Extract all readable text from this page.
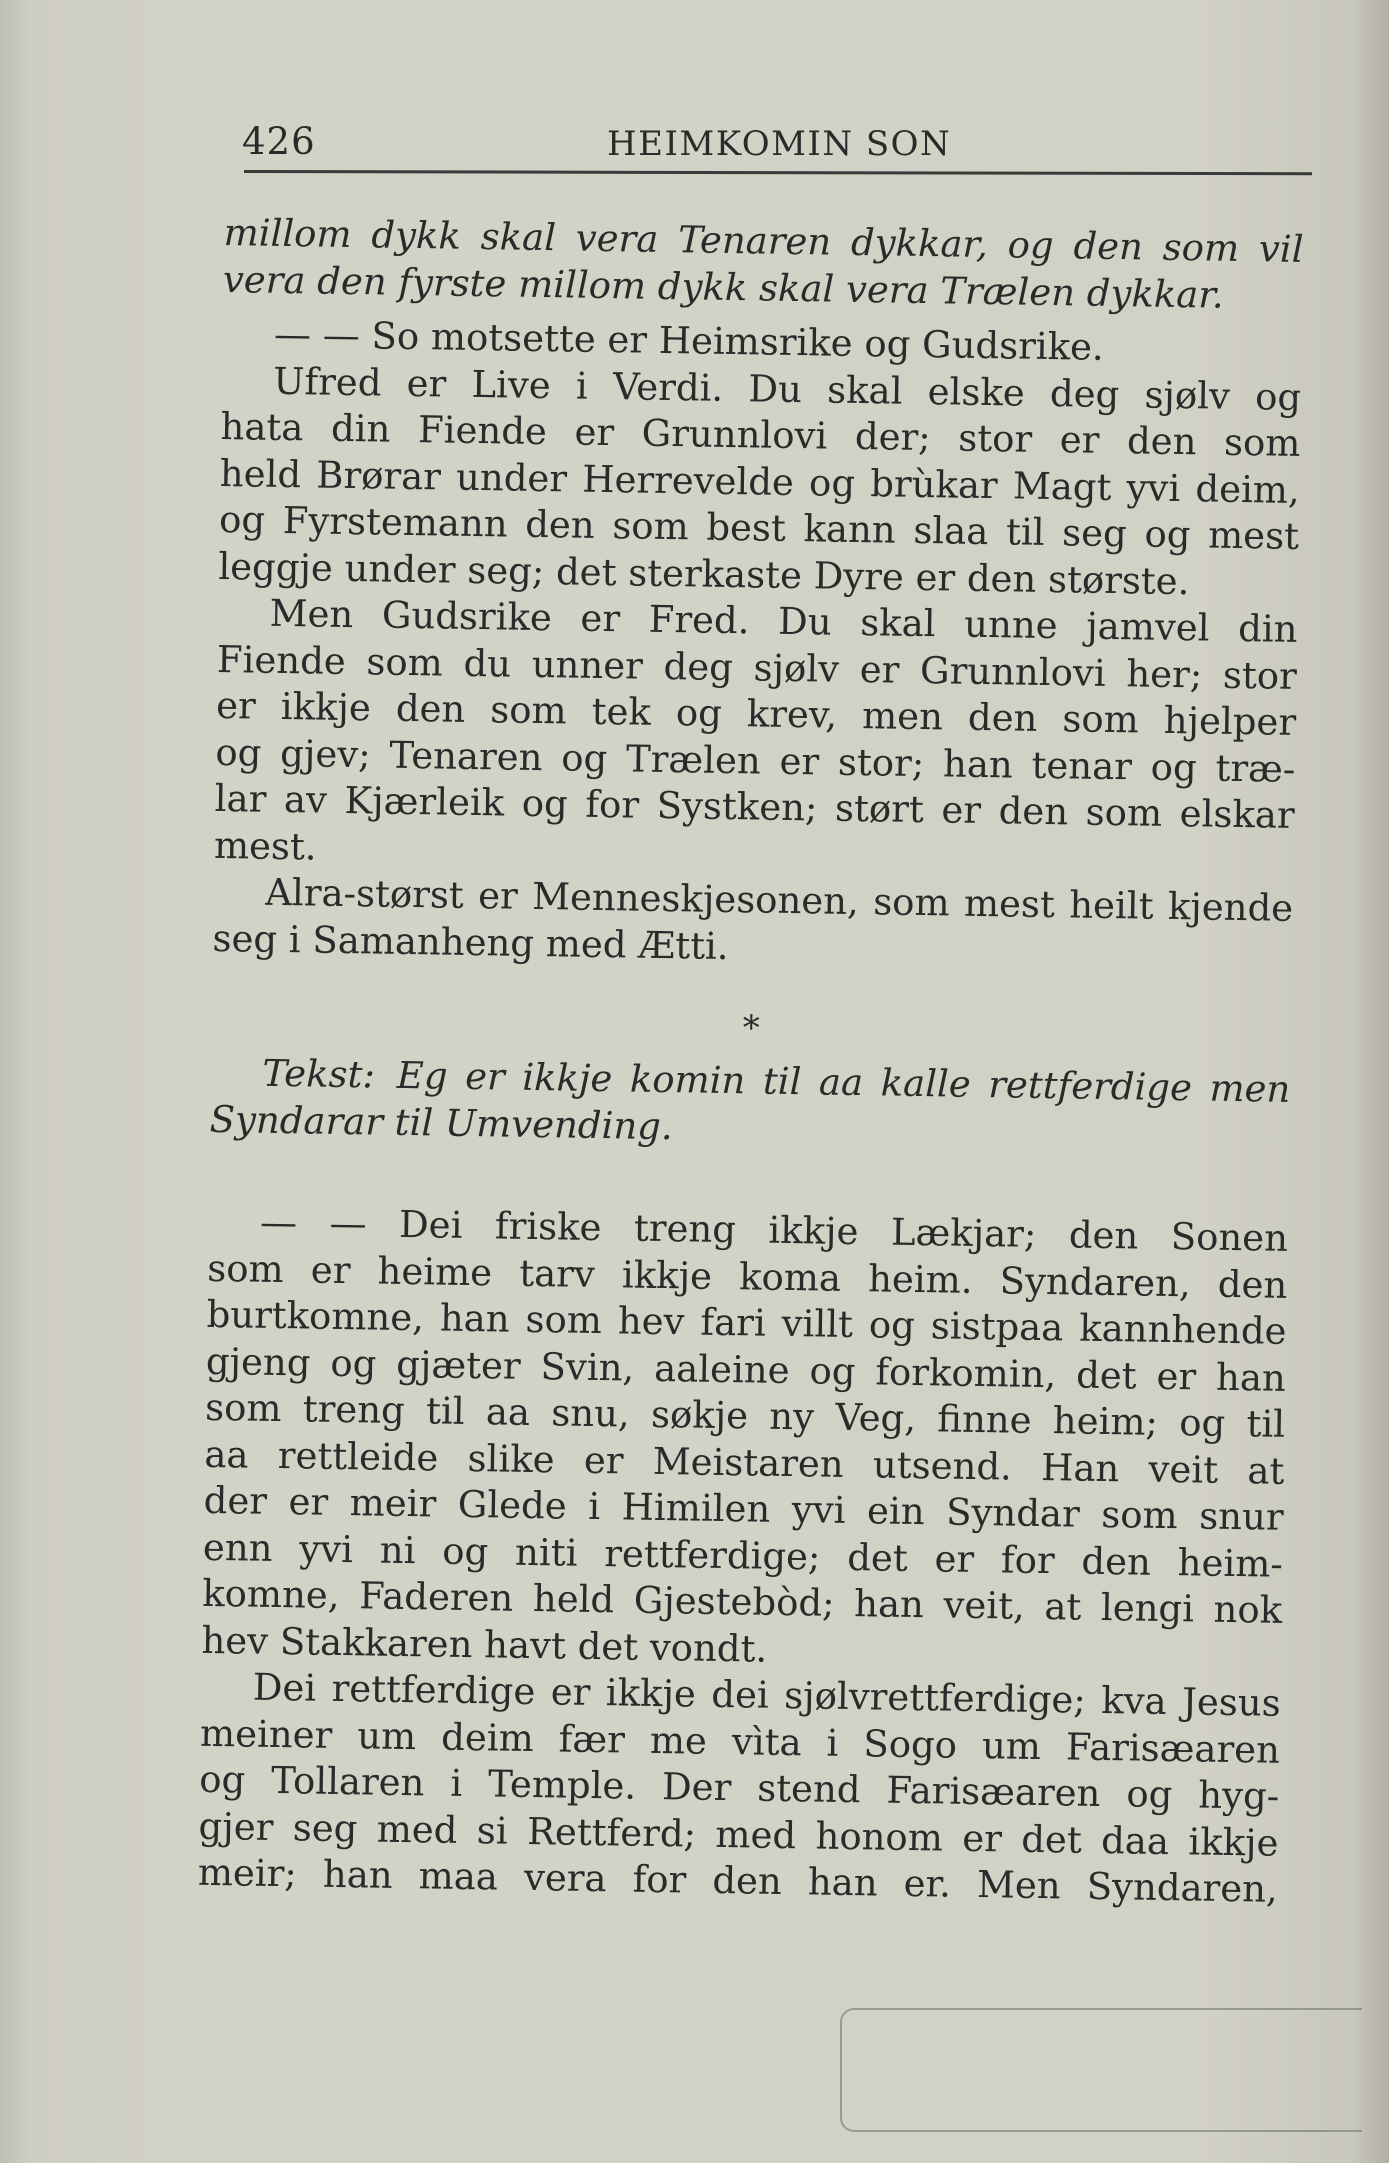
426	HEIMKOMIN SON

millom dykk skal vera Tenaren dykkar, og den som vil
vera den fyrste millom dykk skal vera Trælen dykkar.

— — So motsette er Heimsrike og Gudsrike.
Ufred er Live i Verdi. Du skal elske deg sjølv og
hata din Fiende er Grunnlovi der; stor er den som
held Brørar under Herrevelde og brùkar Magt yvi deim,
og Fyrstemann den som best kann slaa til seg og mest
leggje under seg; det sterkaste Dyre er den største.

Men Gudsrike er Fred. Du skal unne jamvel din
Fiende som du unner deg sjølv er Grunnlovi her; stor
er ikkje den som tek og krev, men den som hjelper
og gjev; Tenaren og Trælen er stor; han tenar og træ-
lar av Kjærleik og for Systken; størt er den som elskar
mest.

Alra-størst er Menneskjesonen, som mest heilt kjende
seg i Samanheng med Ætti.

*

Tekst: Eg er ikkje komin til aa kalle rettferdige men
Syndarar til Umvending.

— — Dei friske treng ikkje Lækjar; den Sonen
som er heime tarv ikkje koma heim. Syndaren, den
burtkomne, han som hev fari villt og sistpaa kannhende
gjeng og gjæter Svin, aaleine og forkomin, det er han
som treng til aa snu, søkje ny Veg, finne heim; og til
aa rettleide slike er Meistaren utsend. Han veit at
der er meir Glede i Himilen yvi ein Syndar som snur
enn yvi ni og niti rettferdige; det er for den heim-
komne, Faderen held Gjestebòd; han veit, at lengi nok
hev Stakkaren havt det vondt.

Dei rettferdige er ikkje dei sjølvrettferdige; kva Jesus
meiner um deim fær me vìta i Sogo um Farisæaren
og Tollaren i Temple. Der stend Farisæaren og hyg-
gjer seg med si Rettferd; med honom er det daa ikkje
meir; han maa vera for den han er. Men Syndaren,
